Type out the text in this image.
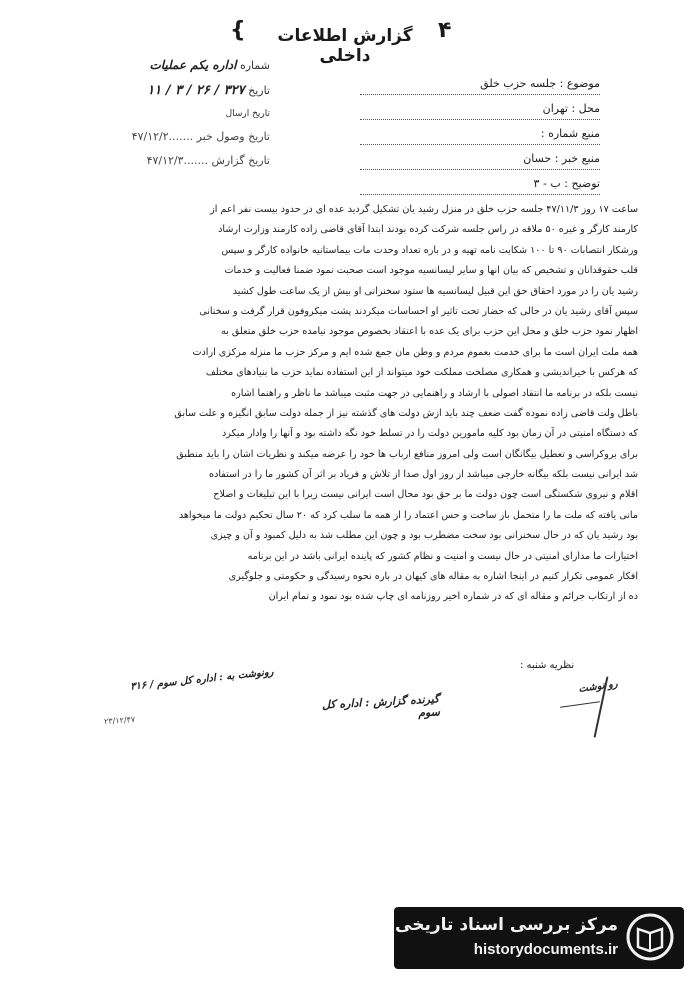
{	گزارش اطلاعات داخلی
۴
شماره اداره یکم عملیات
تاریخ ۳۲۷ / ۲۶ / ۳ / ۱۱
تاریخ ارسال
تاریخ وصول خبر .......۴۷/۱۲/۲
تاریخ گزارش .......۴۷/۱۲/۳
موضوع : جلسه حزب خلق
محل : تهران
منبع شماره :
منبع خبر : حسان
توضیح : ب - ۳
ساعت ۱۷ روز ۴۷/۱۱/۳ جلسه حزب خلق در منزل رشید یان تشکیل گردید عده ای در حدود بیست نفر اعم از
کارمند کارگر و غیره ۵۰ ملاقه در راس جلسه شرکت کرده بودند ابتدا آقای قاضی زاده کارمند وزارت ارشاد
ورشکار انتصابات ۹۰ تا ۱۰۰ شکایت نامه تهیه و در باره تعداد وحدت مات بیماستانیه خانواده کارگر و سپس
قلب حقوقدانان و تشخیص که بیان انها و سایر لیسانسیه موجود است صحبت نمود ضمنا فعالیت و خدمات
رشید یان را در مورد احقاق حق این قبیل لیسانسیه ها ستود سخنرانی او بیش از یک ساعت طول کشید
سپس آقای رشید یان در حالی که حضار تحت تاثیر او احساسات میکردند پشت میکروفون قرار گرفت و سخنانی
اظهار نمود حزب خلق و محل این حزب برای یک عده با اعتقاد بخصوص موجود نیامده حزب خلق متعلق به
همه ملت ایران است ما برای خدمت بعموم مردم و وطن مان جمع شده ایم و مرکز حزب ما منزله مرکزی ارادت
که هرکس با خیراندیشی و همکاری مصلحت مملکت خود میتواند از این استفاده نماید حزب ما بنیادهای مختلف
نیست بلکه در برنامه ما انتقاد اصولی با ارشاد و راهنمایی در جهت مثبت میباشد ما ناظر و راهنما اشاره
باطل ولت قاضی زاده نموده گفت ضعف چند باید ازش دولت های گذشته نیز از جمله دولت سابق انگیزه و علت سابق
که دستگاه امنیتی در آن زمان بود کلیه مامورین دولت را در تسلط خود نگه داشته بود و آنها را وادار میکرد
برای بروکراسی و تعطیل بیگانگان است ولی امروز منافع ارباب ها خود را عرضه میکند و نظریات اشان را باید منطبق
شد ایرانی نیست بلکه بیگانه خارجی میباشد از روز اول صدا از تلاش و فریاد بر اثر آن کشور ما را در استفاده
اقلام و نیروی شکستگی است چون دولت ما بر حق بود محال است ایرانی نیست زیرا با این تبلیغات و اصلاح
مانی یافته که ملت ما را متحمل بار ساخت و حس اعتماد را از همه ما سلب کرد که ۲۰ سال تحکیم دولت ما میخواهد
بود رشید یان که در حال سخنرانی بود سخت مضطرب بود و چون این مطلب شد به دلیل کمبود و آن و چیزی
اختیارات ما مدارای امنیتی در حال نیست و امنیت و نظام کشور که پاینده ایرانی باشد در این برنامه
افکار عمومی تکرار کنیم در اینجا اشاره به مقاله های کیهان در باره نحوه رسیدگی و حکومتی و جلوگیری
ده از ارتکاب جرائم و مقاله ای که در شماره اخیر روزنامه ای چاپ شده بود نمود و تمام ایران
نظریه شنبه :
رونوشت به : اداره کل سوم / ۳۱۶
۲۳/۱۲/۴۷
گیرنده گزارش : اداره کل سوم
رو نوشت
مرکز بررسی اسناد تاریخی
historydocuments.ir
